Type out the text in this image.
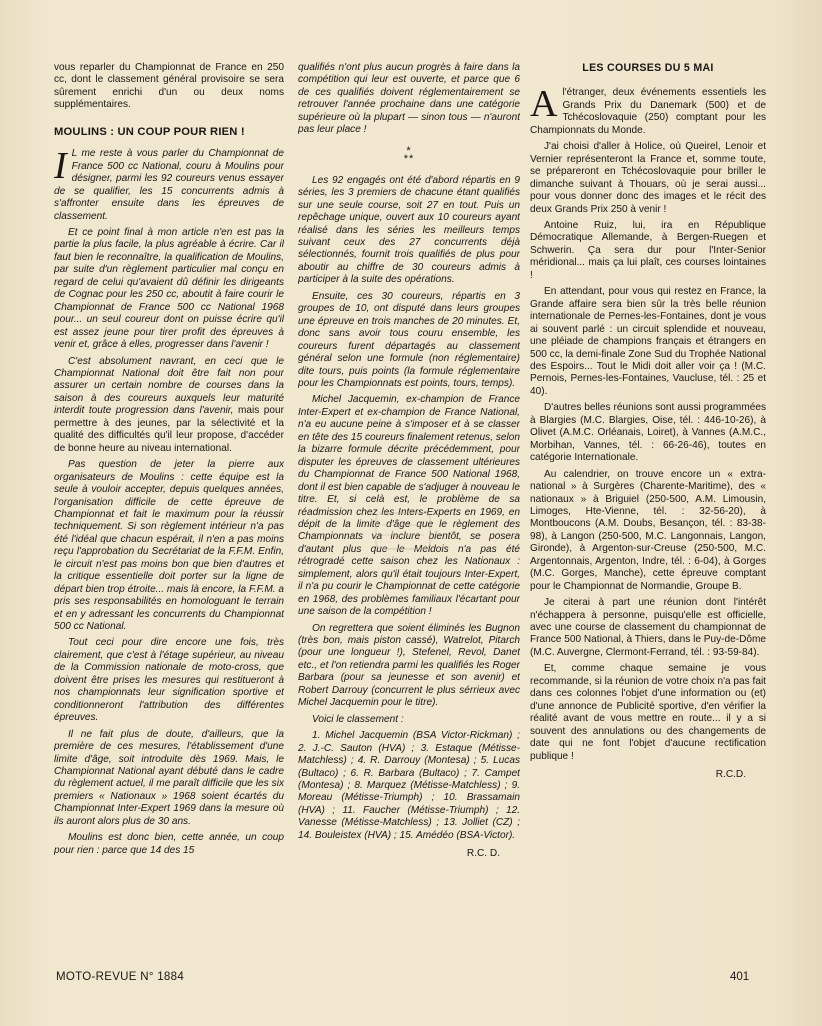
vous reparler du Championnat de France en 250 cc, dont le classement général provisoire se sera sûrement enrichi d'un ou deux noms supplémentaires.

MOULINS : UN COUP POUR RIEN !

I L me reste à vous parler du Championnat de France 500 cc National, couru à Moulins pour désigner, parmi les 92 coureurs venus essayer de se qualifier, les 15 concurrents admis à s'affronter ensuite dans les épreuves de classement.

Et ce point final à mon article n'en est pas la partie la plus facile, la plus agréable à écrire. Car il faut bien le reconnaître, la qualification de Moulins, par suite d'un règlement particulier mal conçu en regard de celui qu'avaient dû définir les dirigeants de Cognac pour les 250 cc, aboutit à faire courir le Championnat de France 500 cc National 1968 pour... un seul coureur dont on puisse écrire qu'il est assez jeune pour tirer profit des épreuves à venir et, grâce à elles, progresser dans l'avenir !

C'est absolument navrant, en ceci que le Championnat National doit être fait non pour assurer un certain nombre de courses dans la saison à des coureurs auxquels leur maturité interdit toute progression dans l'avenir, mais pour permettre à des jeunes, par la sélectivité et la qualité des difficultés qu'il leur propose, d'accéder de bonne heure au niveau international.

Pas question de jeter la pierre aux organisateurs de Moulins : cette équipe est la seule à vouloir accepter, depuis quelques années, l'organisation difficile de cette épreuve de Championnat et fait le maximum pour la réussir techniquement. Si son règlement intérieur n'a pas été l'idéal que chacun espérait, il n'en a pas moins reçu l'approbation du Secrétariat de la F.F.M. Enfin, le circuit n'est pas moins bon que bien d'autres et la critique essentielle doit porter sur la ligne de départ bien trop étroite... mais là encore, la F.F.M. a pris ses responsabilités en homologuant le terrain et en y adressant les concurrents du Championnat 500 cc National.

Tout ceci pour dire encore une fois, très clairement, que c'est à l'étage supérieur, au niveau de la Commission nationale de moto-cross, que doivent être prises les mesures qui restitueront à nos championnats leur signification sportive et conditionneront l'attribution des différentes épreuves.

Il ne fait plus de doute, d'ailleurs, que la première de ces mesures, l'établissement d'une limite d'âge, soit introduite dès 1969. Mais, le Championnat National ayant débuté dans le cadre du règlement actuel, il me paraît difficile que les six premiers « Nationaux » 1968 soient écartés du Championnat Inter-Expert 1969 dans la mesure où ils auront alors plus de 30 ans.

Moulins est donc bien, cette année, un coup pour rien : parce que 14 des 15

qualifiés n'ont plus aucun progrès à faire dans la compétition qui leur est ouverte, et parce que 6 de ces qualifiés doivent réglementairement se retrouver l'année prochaine dans une catégorie supérieure où la plupart — sinon tous — n'auront pas leur place !

*
**

Les 92 engagés ont été d'abord répartis en 9 séries, les 3 premiers de chacune étant qualifiés sur une seule course, soit 27 en tout. Puis un repêchage unique, ouvert aux 10 coureurs ayant réalisé dans les séries les meilleurs temps suivant ceux des 27 concurrents déjà sélectionnés, fournit trois qualifiés de plus pour aboutir au chiffre de 30 coureurs admis à participer à la suite des opérations.

Ensuite, ces 30 coureurs, répartis en 3 groupes de 10, ont disputé dans leurs groupes une épreuve en trois manches de 20 minutes. Et, donc sans avoir tous couru ensemble, les coureurs furent départagés au classement général selon une formule (non réglementaire) dite tours, puis points (la formule réglementaire pour les Championnats est points, tours, temps).

Michel Jacquemin, ex-champion de France Inter-Expert et ex-champion de France National, n'a eu aucune peine à s'imposer et à se classer en tête des 15 coureurs finalement retenus, selon la bizarre formule décrite précédemment, pour disputer les épreuves de classement ultérieures du Championnat de France 500 National 1968, dont il est bien capable de s'adjuger à nouveau le titre. Et, si celà est, le problème de sa réadmission chez les Inters-Experts en 1969, en dépit de la limite d'âge que le règlement des Championnats va inclure bientôt, se posera d'autant plus que le Meldois n'a pas été rétrogradé cette saison chez les Nationaux : simplement, alors qu'il était toujours Inter-Expert, il n'a pu courir le Championnat de cette catégorie en 1968, des problèmes familiaux l'écartant pour une saison de la compétition !

On regrettera que soient éliminés les Bugnon (très bon, mais piston cassé), Watrelot, Pitarch (pour une longueur !), Stefenel, Revol, Danet etc., et l'on retiendra parmi les qualifiés les Roger Barbara (pour sa jeunesse et son avenir) et Robert Darrouy (concurrent le plus sérrieux avec Michel Jacquemin pour le titre).

Voici le classement :

1. Michel Jacquemin (BSA Victor-Rickman) ; 2. J.-C. Sauton (HVA) ; 3. Estaque (Métisse-Matchless) ; 4. R. Darrouy (Montesa) ; 5. Lucas (Bultaco) ; 6. R. Barbara (Bultaco) ; 7. Campet (Montesa) ; 8. Marquez (Métisse-Matchless) ; 9. Moreau (Métisse-Triumph) ; 10. Brassamain (HVA) ; 11. Faucher (Métisse-Triumph) ; 12. Vanesse (Métisse-Matchless) ; 13. Jolliet (CZ) ; 14. Bouleistex (HVA) ; 15. Amédéo (BSA-Victor).

R.C. D.
LES COURSES DU 5 MAI

Al'étranger, deux événements essentiels les Grands Prix du Danemark (500) et de Tchécoslovaquie (250) comptant pour les Championnats du Monde.

J'ai choisi d'aller à Holice, où Queirel, Lenoir et Vernier représenteront la France et, somme toute, se prépareront en Tchécoslovaquie pour briller le dimanche suivant à Thouars, où je serai aussi... pour vous donner donc des images et le récit des deux Grands Prix 250 à venir !

Antoine Ruiz, lui, ira en République Démocratique Allemande, à Bergen-Ruegen et Schwerin. Ça sera dur pour l'Inter-Senior méridional... mais ça lui plaît, ces courses lointaines !

En attendant, pour vous qui restez en France, la Grande affaire sera bien sûr la très belle réunion internationale de Pernes-les-Fontaines, dont je vous ai souvent parlé : un circuit splendide et nouveau, une pléiade de champions français et étrangers en 500 cc, la demi-finale Zone Sud du Trophée National des Espoirs... Tout le Midi doit aller voir ça ! (M.C. Pernois, Pernes-les-Fontaines, Vaucluse, tél. : 25 et 40).

D'autres belles réunions sont aussi programmées à Blargies (M.C. Blargies, Oise, tél. : 446-10-26), à Olivet (A.M.C. Orléanais, Loiret), à Vannes (A.M.C., Morbihan, Vannes, tél. : 66-26-46), toutes en catégorie Internationale.

Au calendrier, on trouve encore un « extra-national » à Surgères (Charente-Maritime), des « nationaux » à Briguiel (250-500, A.M. Limousin, Limoges, Hte-Vienne, tél. : 32-56-20), à Montboucons (A.M. Doubs, Besançon, tél. : 83-38-98), à Langon (250-500, M.C. Langonnais, Langon, Gironde), à Argenton-sur-Creuse (250-500, M.C. Argentonnais, Argenton, Indre, tél. : 6-04), à Gorges (M.C. Gorges, Manche), cette épreuve comptant pour le Championnat de Normandie, Groupe B.

Je citerai à part une réunion dont l'intérêt n'échappera à personne, puisqu'elle est officielle, avec une course de classement du championnat de France 500 National, à Thiers, dans le Puy-de-Dôme (M.C. Auvergne, Clermont-Ferrand, tél. : 93-59-84).

Et, comme chaque semaine je vous recommande, si la réunion de votre choix n'a pas fait dans ces colonnes l'objet d'une information ou (et) d'une annonce de Publicité sportive, d'en vérifier la réalité avant de vous mettre en route... il y a si souvent des annulations ou des changements de date qui ne font l'objet d'aucune rectification publique !

R.C.D.
MOTO-REVUE N° 1884	401
